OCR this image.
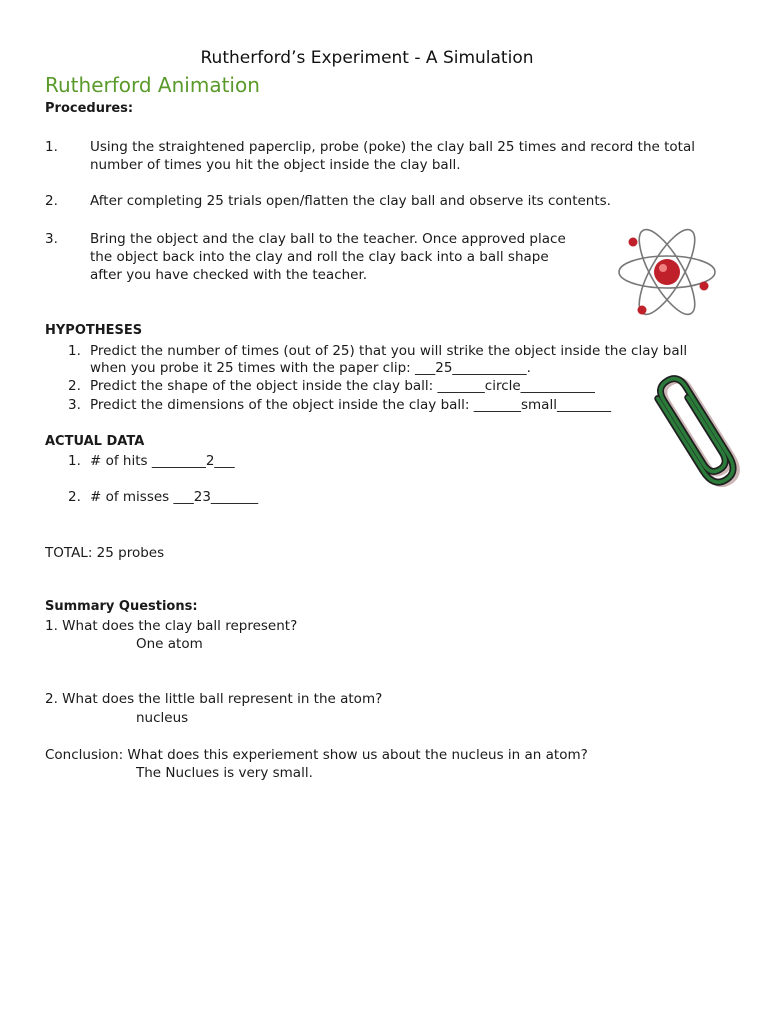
Rutherford’s Experiment - A Simulation
Rutherford Animation
Procedures:
1.	Using the straightened paperclip, probe (poke) the clay ball 25 times and record the total
number of times you hit the object inside the clay ball.
2.	After completing 25 trials open/flatten the clay ball and observe its contents.
3.	Bring the object and the clay ball to the teacher. Once approved place
the object back into the clay and roll the clay back into a ball shape
after you have checked with the teacher.
HYPOTHESES
1. Predict the number of times (out of 25) that you will strike the object inside the clay ball
when you probe it 25 times with the paper clip: ___25___________.
2. Predict the shape of the object inside the clay ball: _______circle___________
3. Predict the dimensions of the object inside the clay ball: _______small________
ACTUAL DATA
1. # of hits ________2___
2. # of misses ___23_______
TOTAL: 25 probes
Summary Questions:
1. What does the clay ball represent?
One atom
2. What does the little ball represent in the atom?
nucleus
Conclusion: What does this experiement show us about the nucleus in an atom?
The Nuclues is very small.
